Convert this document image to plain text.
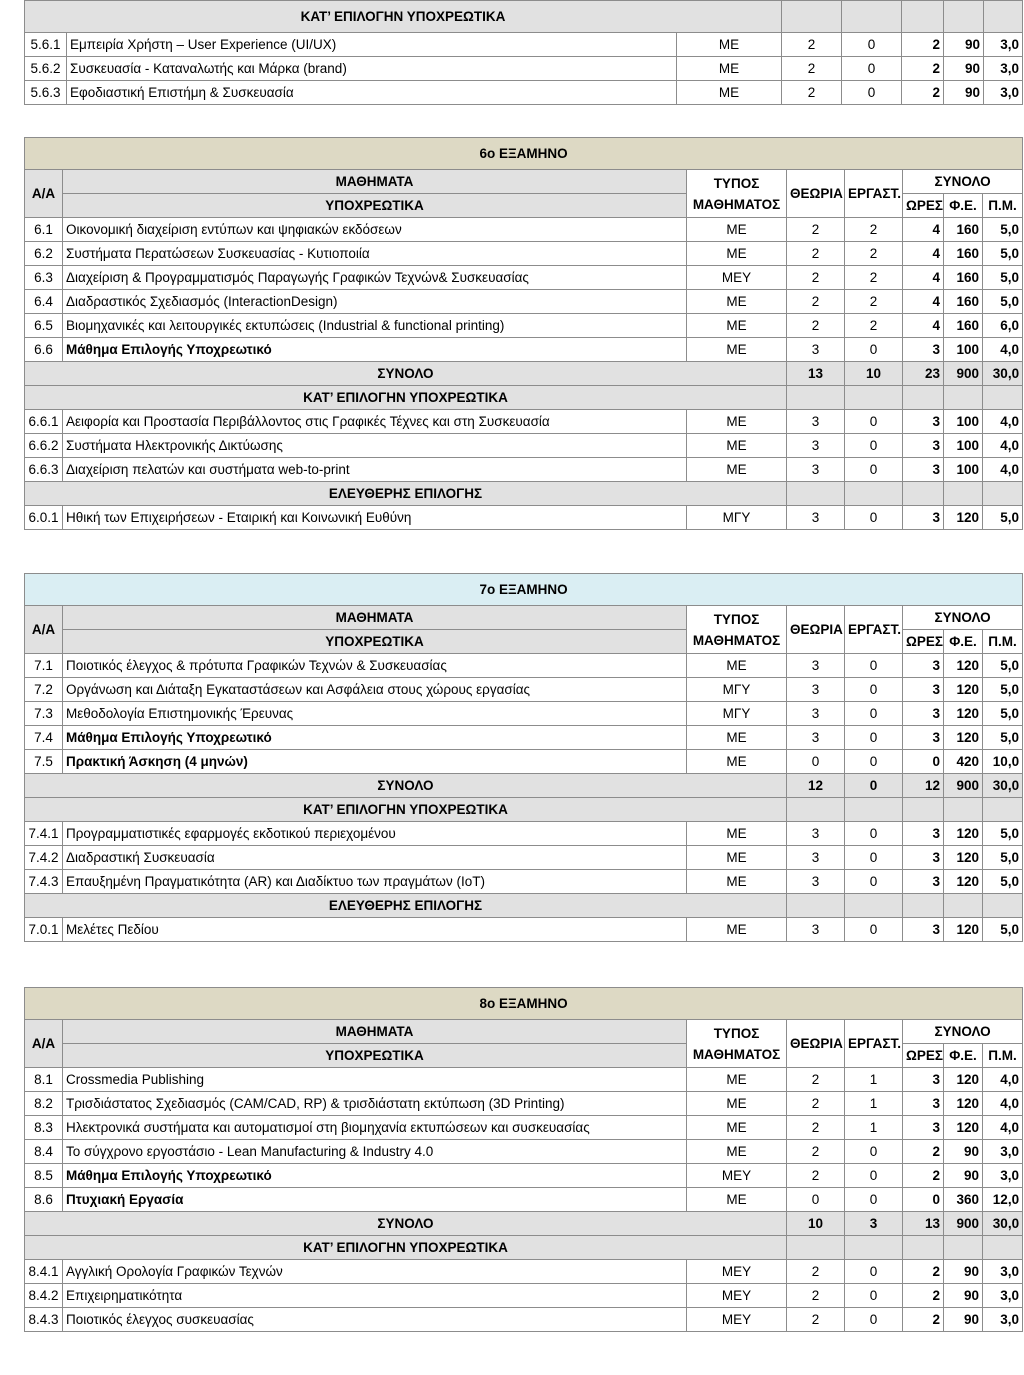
ΚΑΤ’ ΕΠΙΛΟΓΗΝ ΥΠΟΧΡΕΩΤΙΚΑ							
5.6.1	Εμπειρία Χρήστη – User Experience (UI/UX)	ΜΕ	2	0	2	90	3,0
5.6.2	Συσκευασία - Καταναλωτής και Μάρκα (brand)	ΜΕ	2	0	2	90	3,0
5.6.3	Εφοδιαστική Επιστήμη & Συσκευασία	ΜΕ	2	0	2	90	3,0
6ο ΕΞΑΜΗΝΟ							
Α/Α	ΜΑΘΗΜΑΤΑ	ΤΥΠΟΣ ΜΑΘΗΜΑΤΟΣ	ΘΕΩΡΙΑ	ΕΡΓΑΣΤ.	ΣΥΝΟΛΟ		
	ΥΠΟΧΡΕΩΤΙΚΑ				ΩΡΕΣ	Φ.Ε.	Π.Μ.
6.1	Οικονομική διαχείριση εντύπων και ψηφιακών εκδόσεων	ΜΕ	2	2	4	160	5,0
6.2	Συστήματα Περατώσεων Συσκευασίας - Κυτιοποιία	ΜΕ	2	2	4	160	5,0
6.3	Διαχείριση & Προγραμματισμός Παραγωγής Γραφικών Τεχνών& Συσκευασίας	ΜΕΥ	2	2	4	160	5,0
6.4	Διαδραστικός Σχεδιασμός (InteractionDesign)	ΜΕ	2	2	4	160	5,0
6.5	Βιομηχανικές και λειτουργικές εκτυπώσεις (Industrial & functional printing)	ΜΕ	2	2	4	160	6,0
6.6	Μάθημα Επιλογής Υποχρεωτικό	ΜΕ	3	0	3	100	4,0
ΣΥΝΟΛΟ			13	10	23	900	30,0
ΚΑΤ’ ΕΠΙΛΟΓΗΝ ΥΠΟΧΡΕΩΤΙΚΑ							
6.6.1	Αειφορία και Προστασία Περιβάλλοντος στις Γραφικές Τέχνες και στη Συσκευασία	ΜΕ	3	0	3	100	4,0
6.6.2	Συστήματα Ηλεκτρονικής Δικτύωσης	ΜΕ	3	0	3	100	4,0
6.6.3	Διαχείριση πελατών και συστήματα web-to-print	ΜΕ	3	0	3	100	4,0
ΕΛΕΥΘΕΡΗΣ ΕΠΙΛΟΓΗΣ							
6.0.1	Ηθική των Επιχειρήσεων - Εταιρική και Κοινωνική Ευθύνη	ΜΓΥ	3	0	3	120	5,0
7ο ΕΞΑΜΗΝΟ							
Α/Α	ΜΑΘΗΜΑΤΑ	ΤΥΠΟΣ ΜΑΘΗΜΑΤΟΣ	ΘΕΩΡΙΑ	ΕΡΓΑΣΤ.	ΣΥΝΟΛΟ		
	ΥΠΟΧΡΕΩΤΙΚΑ				ΩΡΕΣ	Φ.Ε.	Π.Μ.
7.1	Ποιοτικός έλεγχος & πρότυπα Γραφικών Τεχνών & Συσκευασίας	ΜΕ	3	0	3	120	5,0
7.2	Οργάνωση και Διάταξη Εγκαταστάσεων και Ασφάλεια στους χώρους εργασίας	ΜΓΥ	3	0	3	120	5,0
7.3	Μεθοδολογία Επιστημονικής Έρευνας	ΜΓΥ	3	0	3	120	5,0
7.4	Μάθημα Επιλογής Υποχρεωτικό	ΜΕ	3	0	3	120	5,0
7.5	Πρακτική Άσκηση (4 μηνών)	ΜΕ	0	0	0	420	10,0
ΣΥΝΟΛΟ			12	0	12	900	30,0
ΚΑΤ’ ΕΠΙΛΟΓΗΝ ΥΠΟΧΡΕΩΤΙΚΑ							
7.4.1	Προγραμματιστικές εφαρμογές εκδοτικού περιεχομένου	ΜΕ	3	0	3	120	5,0
7.4.2	Διαδραστική Συσκευασία	ΜΕ	3	0	3	120	5,0
7.4.3	Επαυξημένη Πραγματικότητα (AR) και Διαδίκτυο των πραγμάτων (IoT)	ΜΕ	3	0	3	120	5,0
ΕΛΕΥΘΕΡΗΣ ΕΠΙΛΟΓΗΣ							
7.0.1	Μελέτες Πεδίου	ΜΕ	3	0	3	120	5,0
8ο ΕΞΑΜΗΝΟ							
Α/Α	ΜΑΘΗΜΑΤΑ	ΤΥΠΟΣ ΜΑΘΗΜΑΤΟΣ	ΘΕΩΡΙΑ	ΕΡΓΑΣΤ.	ΣΥΝΟΛΟ		
	ΥΠΟΧΡΕΩΤΙΚΑ				ΩΡΕΣ	Φ.Ε.	Π.Μ.
8.1	Crossmedia Publishing	ΜΕ	2	1	3	120	4,0
8.2	Τρισδιάστατος Σχεδιασμός (CAM/CAD, RP) & τρισδιάστατη εκτύπωση (3D Printing)	ΜΕ	2	1	3	120	4,0
8.3	Ηλεκτρονικά συστήματα και αυτοματισμοί στη βιομηχανία εκτυπώσεων και συσκευασίας	ΜΕ	2	1	3	120	4,0
8.4	Το σύγχρονο εργοστάσιο - Lean Manufacturing & Industry 4.0	ΜΕ	2	0	2	90	3,0
8.5	Μάθημα Επιλογής Υποχρεωτικό	ΜΕΥ	2	0	2	90	3,0
8.6	Πτυχιακή Εργασία	ΜΕ	0	0	0	360	12,0
ΣΥΝΟΛΟ			10	3	13	900	30,0
ΚΑΤ’ ΕΠΙΛΟΓΗΝ ΥΠΟΧΡΕΩΤΙΚΑ							
8.4.1	Αγγλική Ορολογία Γραφικών Τεχνών	ΜΕΥ	2	0	2	90	3,0
8.4.2	Επιχειρηματικότητα	ΜΕΥ	2	0	2	90	3,0
8.4.3	Ποιοτικός έλεγχος συσκευασίας	ΜΕΥ	2	0	2	90	3,0
